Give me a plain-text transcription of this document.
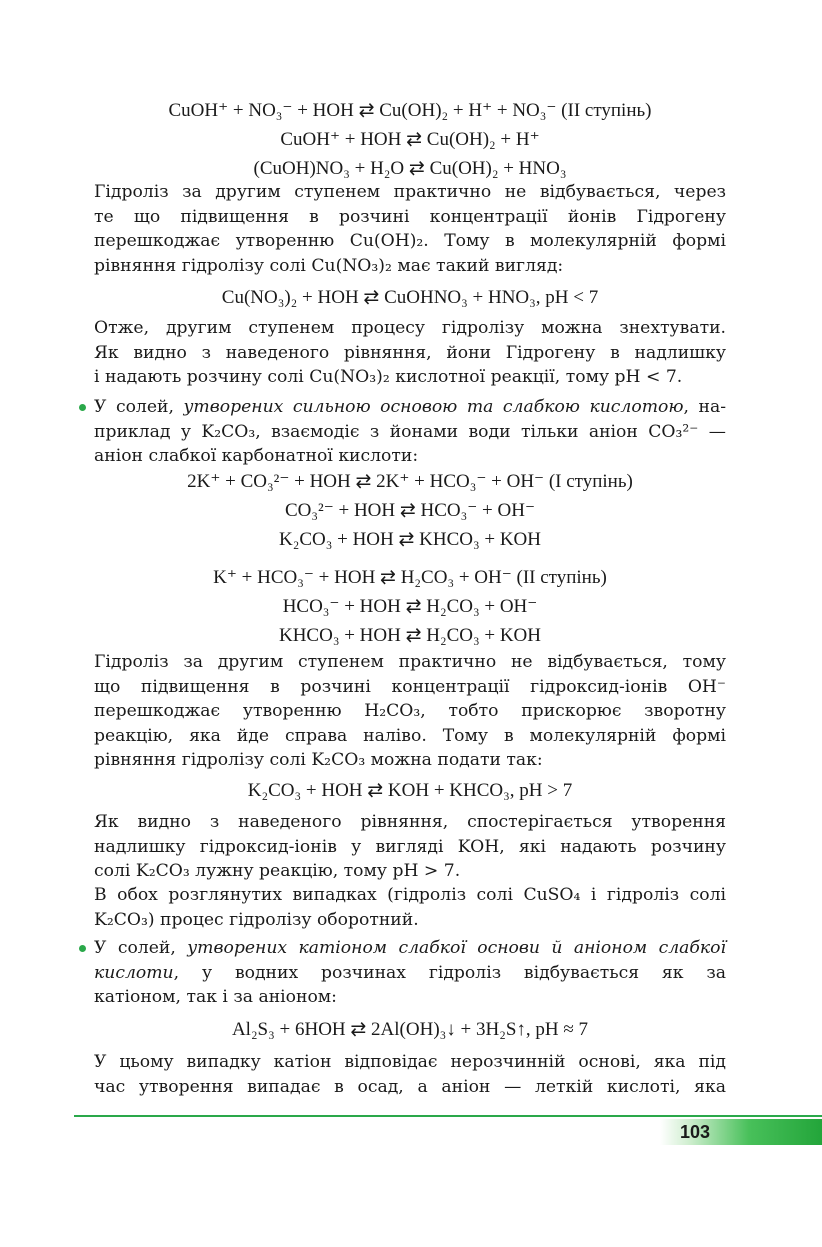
CuOH⁺ + NO₃⁻ + HOH ⇄ Cu(OH)₂ + H⁺ + NO₃⁻ (II ступінь)
CuOH⁺ + HOH ⇄ Cu(OH)₂ + H⁺
(CuOH)NO₃ + H₂O ⇄ Cu(OH)₂ + HNO₃
Гідроліз за другим ступенем практично не відбувається, через
те що підвищення в розчині концентрації йонів Гідрогену
перешкоджає утворенню Cu(OH)₂. Тому в молекулярній формі
рівняння гідролізу солі Cu(NO₃)₂ має такий вигляд:
Cu(NO₃)₂ + HOH ⇄ CuOHNO₃ + HNO₃, pH < 7
Отже, другим ступенем процесу гідролізу можна знехтувати.
Як видно з наведеного рівняння, йони Гідрогену в надлишку
і надають розчину солі Cu(NO₃)₂ кислотної реакції, тому pH < 7.
У солей, утворених сильною основою та слабкою кислотою, на-
приклад у K₂CO₃, взаємодіє з йонами води тільки аніон CO₃²⁻ —
аніон слабкої карбонатної кислоти:
2K⁺ + CO₃²⁻ + HOH ⇄ 2K⁺ + HCO₃⁻ + OH⁻ (I ступінь)
CO₃²⁻ + HOH ⇄ HCO₃⁻ + OH⁻
K₂CO₃ + HOH ⇄ KHCO₃ + KOH
K⁺ + HCO₃⁻ + HOH ⇄ H₂CO₃ + OH⁻ (II ступінь)
HCO₃⁻ + HOH ⇄ H₂CO₃ + OH⁻
KHCO₃ + HOH ⇄ H₂CO₃ + KOH
Гідроліз за другим ступенем практично не відбувається, тому
що підвищення в розчині концентрації гідроксид-іонів OH⁻
перешкоджає утворенню H₂CO₃, тобто прискорює зворотну
реакцію, яка йде справа наліво. Тому в молекулярній формі
рівняння гідролізу солі K₂CO₃ можна подати так:
K₂CO₃ + HOH ⇄ KOH + KHCO₃, pH > 7
Як видно з наведеного рівняння, спостерігається утворення
надлишку гідроксид-іонів у вигляді KOH, які надають розчину
солі K₂CO₃ лужну реакцію, тому pH > 7.
В обох розглянутих випадках (гідроліз солі CuSO₄ і гідроліз солі
K₂CO₃) процес гідролізу оборотний.
У солей, утворених катіоном слабкої основи й аніоном слабкої
кислоти, у водних розчинах гідроліз відбувається як за
катіоном, так і за аніоном:
Al₂S₃ + 6HOH ⇄ 2Al(OH)₃↓ + 3H₂S↑, pH ≈ 7
У цьому випадку катіон відповідає нерозчинній основі, яка під
час утворення випадає в осад, а аніон — леткій кислоті, яка
103
